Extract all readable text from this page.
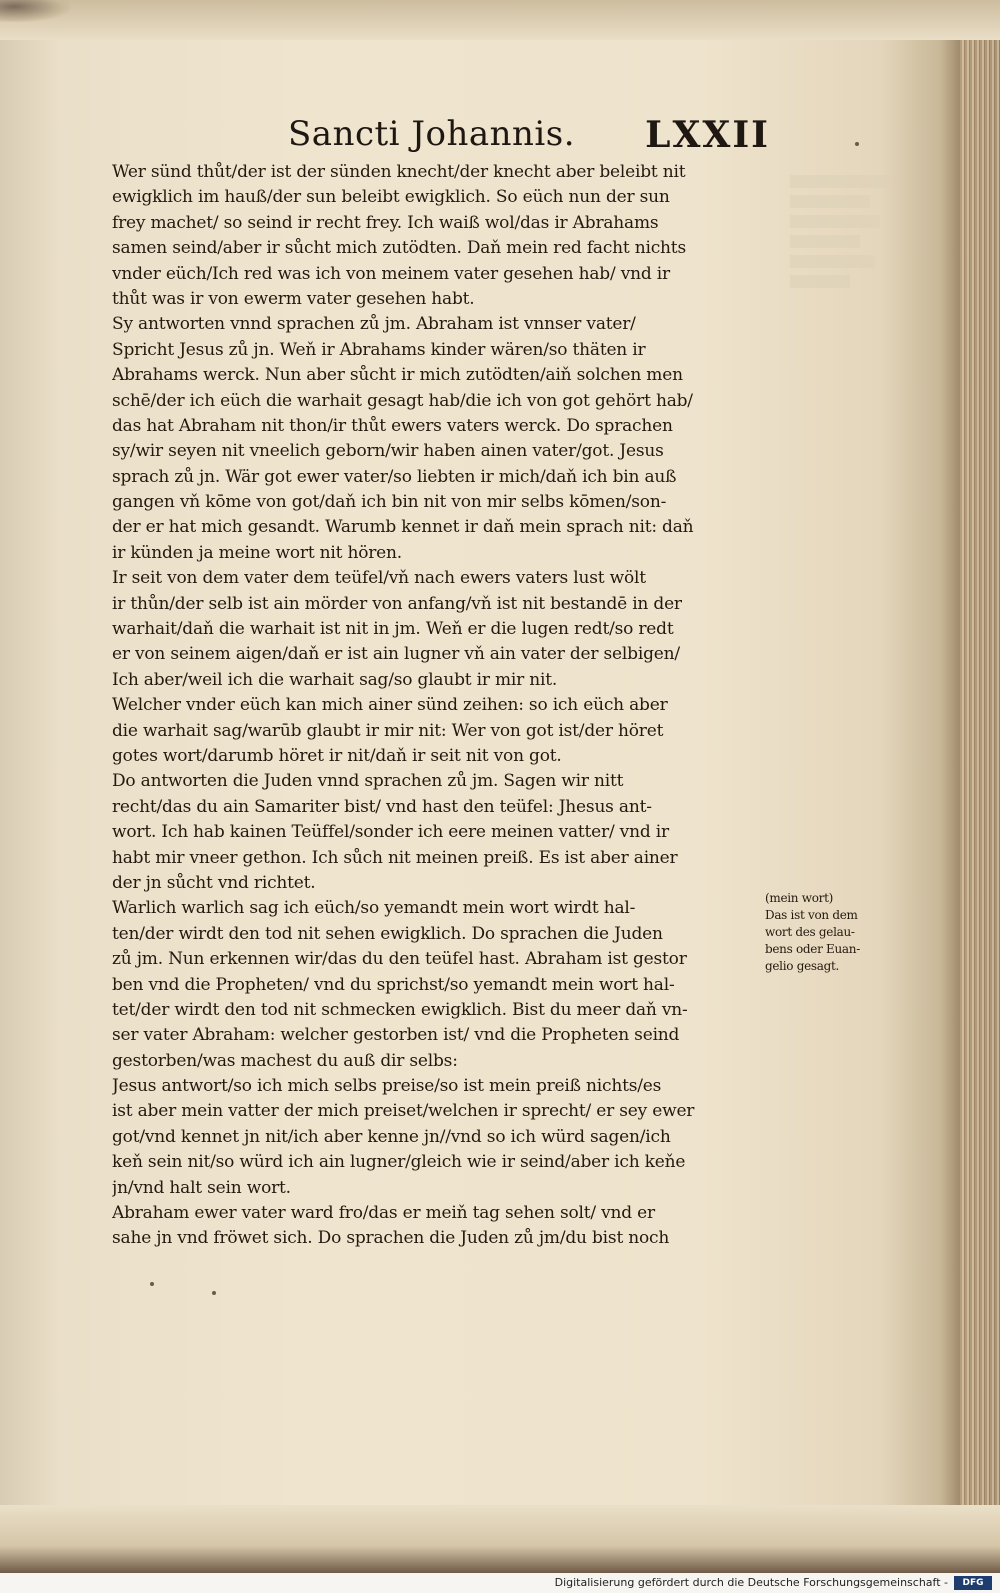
Sancti Johannis. LXXII
Wer sünd thůt/der ist der sünden knecht/der knecht aber beleibt nit
ewigklich im hauß/der sun beleibt ewigklich. So eüch nun der sun
frey machet/ so seind ir recht frey. Ich waiß wol/das ir Abrahams
samen seind/aber ir sůcht mich zutödten. Daň mein red facht nichts
vnder eüch/Ich red was ich von meinem vater gesehen hab/ vnd ir
thůt was ir von ewerm vater gesehen habt.
Sy antworten vnnd sprachen zů jm. Abraham ist vnnser vater/
Spricht Jesus zů jn. Weň ir Abrahams kinder wären/so thäten ir
Abrahams werck. Nun aber sůcht ir mich zutödten/aiň solchen men
schē/der ich eüch die warhait gesagt hab/die ich von got gehört hab/
das hat Abraham nit thon/ir thůt ewers vaters werck. Do sprachen
sy/wir seyen nit vneelich geborn/wir haben ainen vater/got. Jesus
sprach zů jn. Wär got ewer vater/so liebten ir mich/daň ich bin auß
gangen vň kōme von got/daň ich bin nit von mir selbs kōmen/son-
der er hat mich gesandt. Warumb kennet ir daň mein sprach nit: daň
ir künden ja meine wort nit hören.
Ir seit von dem vater dem teüfel/vň nach ewers vaters lust wölt
ir thůn/der selb ist ain mörder von anfang/vň ist nit bestandē in der
warhait/daň die warhait ist nit in jm. Weň er die lugen redt/so redt
er von seinem aigen/daň er ist ain lugner vň ain vater der selbigen/
Ich aber/weil ich die warhait sag/so glaubt ir mir nit.
Welcher vnder eüch kan mich ainer sünd zeihen: so ich eüch aber
die warhait sag/warūb glaubt ir mir nit: Wer von got ist/der höret
gotes wort/darumb höret ir nit/daň ir seit nit von got.
Do antworten die Juden vnnd sprachen zů jm. Sagen wir nitt
recht/das du ain Samariter bist/ vnd hast den teüfel: Jhesus ant-
wort. Ich hab kainen Teüffel/sonder ich eere meinen vatter/ vnd ir
habt mir vneer gethon. Ich sůch nit meinen preiß. Es ist aber ainer
der jn sůcht vnd richtet.
Warlich warlich sag ich eüch/so yemandt mein wort wirdt hal-
ten/der wirdt den tod nit sehen ewigklich. Do sprachen die Juden
zů jm. Nun erkennen wir/das du den teüfel hast. Abraham ist gestor
ben vnd die Propheten/ vnd du sprichst/so yemandt mein wort hal-
tet/der wirdt den tod nit schmecken ewigklich. Bist du meer daň vn-
ser vater Abraham: welcher gestorben ist/ vnd die Propheten seind
gestorben/was machest du auß dir selbs:
Jesus antwort/so ich mich selbs preise/so ist mein preiß nichts/es
ist aber mein vatter der mich preiset/welchen ir sprecht/ er sey ewer
got/vnd kennet jn nit/ich aber kenne jn//vnd so ich würd sagen/ich
keň sein nit/so würd ich ain lugner/gleich wie ir seind/aber ich keňe
jn/vnd halt sein wort.
Abraham ewer vater ward fro/das er meiň tag sehen solt/ vnd er
sahe jn vnd fröwet sich. Do sprachen die Juden zů jm/du bist noch
(mein wort)
Das ist von dem
wort des gelau-
bens oder Euan-
gelio gesagt.
Digitalisierung gefördert durch die Deutsche Forschungsgemeinschaft -	DFG
